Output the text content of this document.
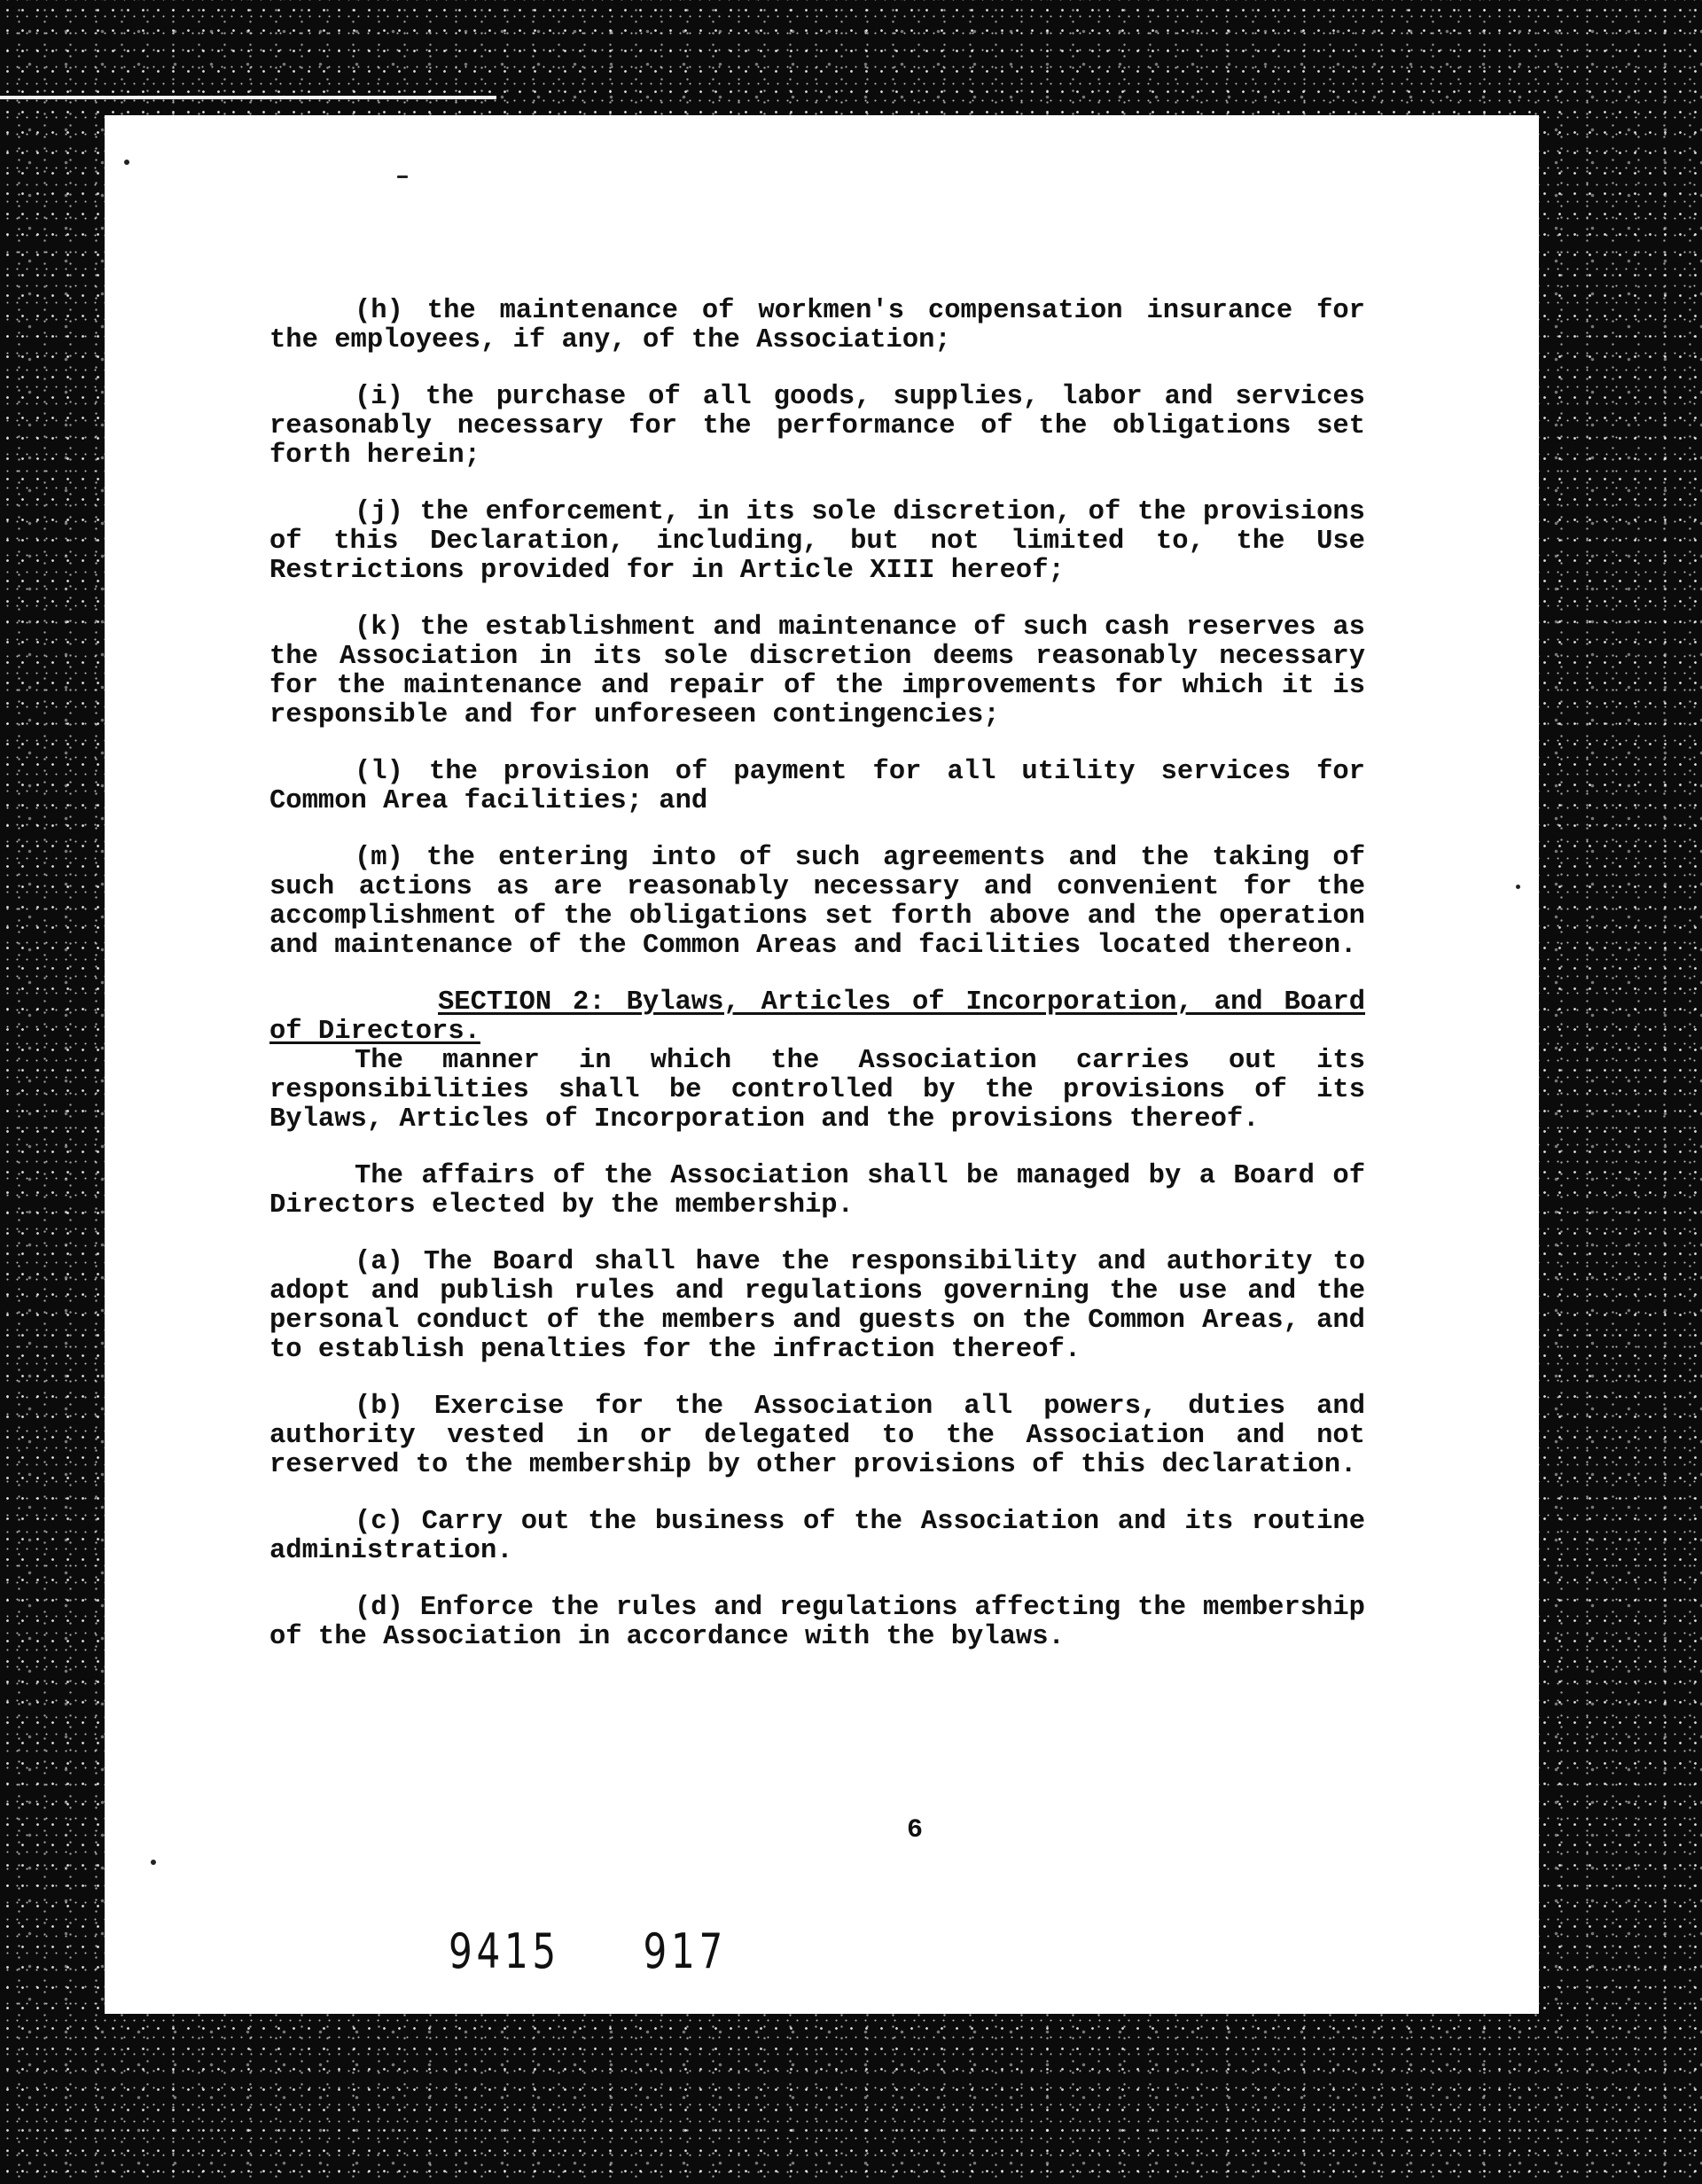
(h) the maintenance of workmen's compensation insurance for the employees, if any, of the Association;

(i) the purchase of all goods, supplies, labor and services reasonably necessary for the performance of the obligations set forth herein;

(j) the enforcement, in its sole discretion, of the provisions of this Declaration, including, but not limited to, the Use Restrictions provided for in Article XIII hereof;

(k) the establishment and maintenance of such cash reserves as the Association in its sole discretion deems reasonably necessary for the maintenance and repair of the improvements for which it is responsible and for unforeseen contingencies;

(l) the provision of payment for all utility services for Common Area facilities; and

(m) the entering into of such agreements and the taking of such actions as are reasonably necessary and convenient for the accomplishment of the obligations set forth above and the operation and maintenance of the Common Areas and facilities located thereon.

SECTION 2: Bylaws, Articles of Incorporation, and Board of Directors.

The manner in which the Association carries out its responsibilities shall be controlled by the provisions of its Bylaws, Articles of Incorporation and the provisions thereof.

The affairs of the Association shall be managed by a Board of Directors elected by the membership.

(a) The Board shall have the responsibility and authority to adopt and publish rules and regulations governing the use and the personal conduct of the members and guests on the Common Areas, and to establish penalties for the infraction thereof.

(b) Exercise for the Association all powers, duties and authority vested in or delegated to the Association and not reserved to the membership by other provisions of this declaration.

(c) Carry out the business of the Association and its routine administration.

(d) Enforce the rules and regulations affecting the membership of the Association in accordance with the bylaws.

6
9415 917
